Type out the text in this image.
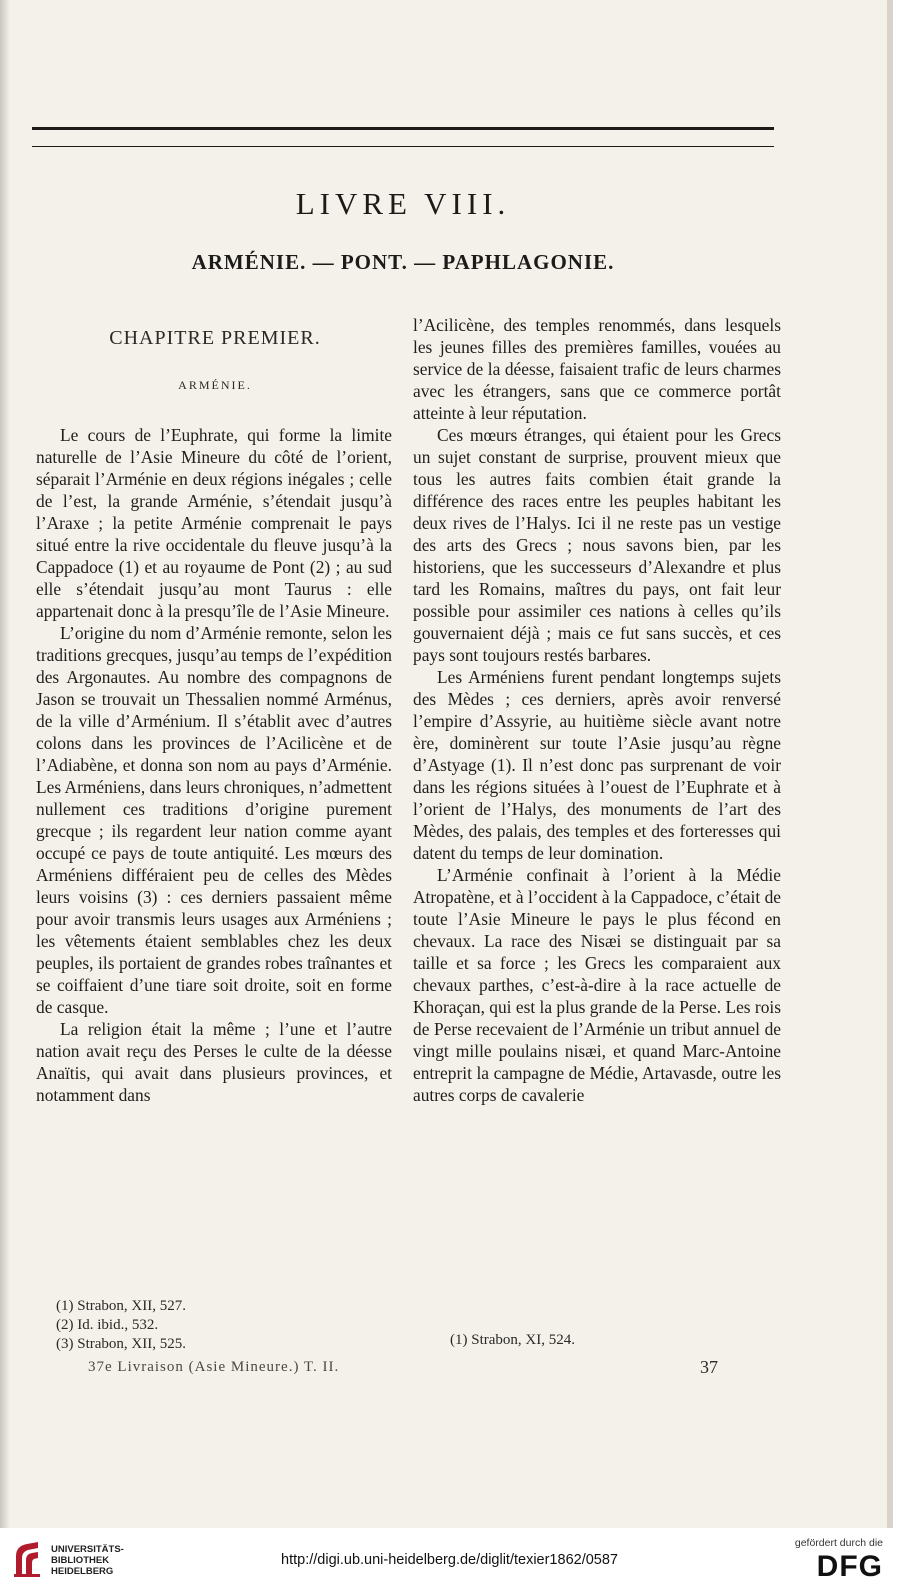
LIVRE VIII.
ARMÉNIE. — PONT. — PAPHLAGONIE.
CHAPITRE PREMIER.
ARMÉNIE.

Le cours de l’Euphrate, qui forme la limite naturelle de l’Asie Mineure du côté de l’orient, séparait l’Arménie en deux régions inégales ; celle de l’est, la grande Arménie, s’étendait jusqu’à l’Araxe ; la petite Arménie comprenait le pays situé entre la rive occidentale du fleuve jusqu’à la Cappadoce (1) et au royaume de Pont (2) ; au sud elle s’étendait jusqu’au mont Taurus : elle appartenait donc à la presqu’île de l’Asie Mineure.

L’origine du nom d’Arménie remonte, selon les traditions grecques, jusqu’au temps de l’expédition des Argonautes. Au nombre des compagnons de Jason se trouvait un Thessalien nommé Arménus, de la ville d’Arménium. Il s’établit avec d’autres colons dans les provinces de l’Acilicène et de l’Adiabène, et donna son nom au pays d’Arménie. Les Arméniens, dans leurs chroniques, n’admettent nullement ces traditions d’origine purement grecque ; ils regardent leur nation comme ayant occupé ce pays de toute antiquité. Les mœurs des Arméniens différaient peu de celles des Mèdes leurs voisins (3) : ces derniers passaient même pour avoir transmis leurs usages aux Arméniens ; les vêtements étaient semblables chez les deux peuples, ils portaient de grandes robes traînantes et se coiffaient d’une tiare soit droite, soit en forme de casque.

La religion était la même ; l’une et l’autre nation avait reçu des Perses le culte de la déesse Anaïtis, qui avait dans plusieurs provinces, et notamment dans

l’Acilicène, des temples renommés, dans lesquels les jeunes filles des premières familles, vouées au service de la déesse, faisaient trafic de leurs charmes avec les étrangers, sans que ce commerce portât atteinte à leur réputation.

Ces mœurs étranges, qui étaient pour les Grecs un sujet constant de surprise, prouvent mieux que tous les autres faits combien était grande la différence des races entre les peuples habitant les deux rives de l’Halys. Ici il ne reste pas un vestige des arts des Grecs ; nous savons bien, par les historiens, que les successeurs d’Alexandre et plus tard les Romains, maîtres du pays, ont fait leur possible pour assimiler ces nations à celles qu’ils gouvernaient déjà ; mais ce fut sans succès, et ces pays sont toujours restés barbares.

Les Arméniens furent pendant longtemps sujets des Mèdes ; ces derniers, après avoir renversé l’empire d’Assyrie, au huitième siècle avant notre ère, dominèrent sur toute l’Asie jusqu’au règne d’Astyage (1). Il n’est donc pas surprenant de voir dans les régions situées à l’ouest de l’Euphrate et à l’orient de l’Halys, des monuments de l’art des Mèdes, des palais, des temples et des forteresses qui datent du temps de leur domination.

L’Arménie confinait à l’orient à la Médie Atropatène, et à l’occident à la Cappadoce, c’était de toute l’Asie Mineure le pays le plus fécond en chevaux. La race des Nisæi se distinguait par sa taille et sa force ; les Grecs les comparaient aux chevaux parthes, c’est-à-dire à la race actuelle de Khoraçan, qui est la plus grande de la Perse. Les rois de Perse recevaient de l’Arménie un tribut annuel de vingt mille poulains nisæi, et quand Marc-Antoine entreprit la campagne de Médie, Artavasde, outre les autres corps de cavalerie

(1) Strabon, XII, 527.
(2) Id. ibid., 532.
(3) Strabon, XII, 525.	(1) Strabon, XI, 524.
37e Livraison (Asie Mineure.) T. II.	37
UNIVERSITÄTS-
BIBLIOTHEK
HEIDELBERG
http://digi.ub.uni-heidelberg.de/diglit/texier1862/0587
gefördert durch die
DFG
